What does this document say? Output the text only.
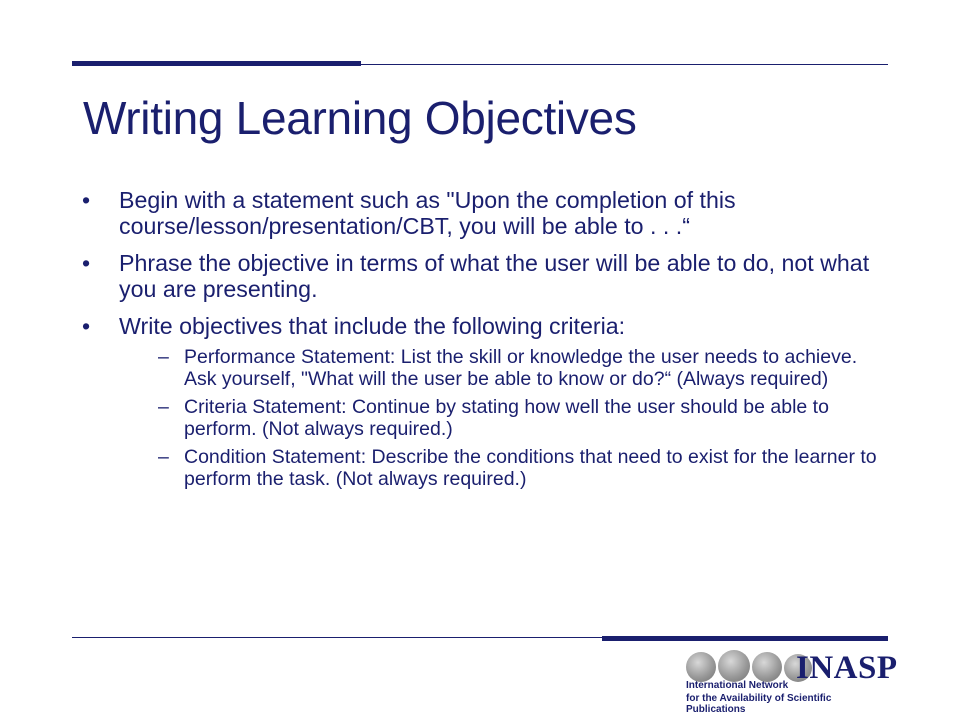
Writing Learning Objectives
• Begin with a statement such as "Upon the completion of this course/lesson/presentation/CBT, you will be able to . . .“
• Phrase the objective in terms of what the user will be able to do, not what you are presenting.
• Write objectives that include the following criteria:
– Performance Statement: List the skill or knowledge the user needs to achieve. Ask yourself, "What will the user be able to know or do?“ (Always required)
– Criteria Statement: Continue by stating how well the user should be able to perform. (Not always required.)
– Condition Statement: Describe the conditions that need to exist for the learner to perform the task. (Not always required.)
INASP
International Network
for the Availability of Scientific Publications
